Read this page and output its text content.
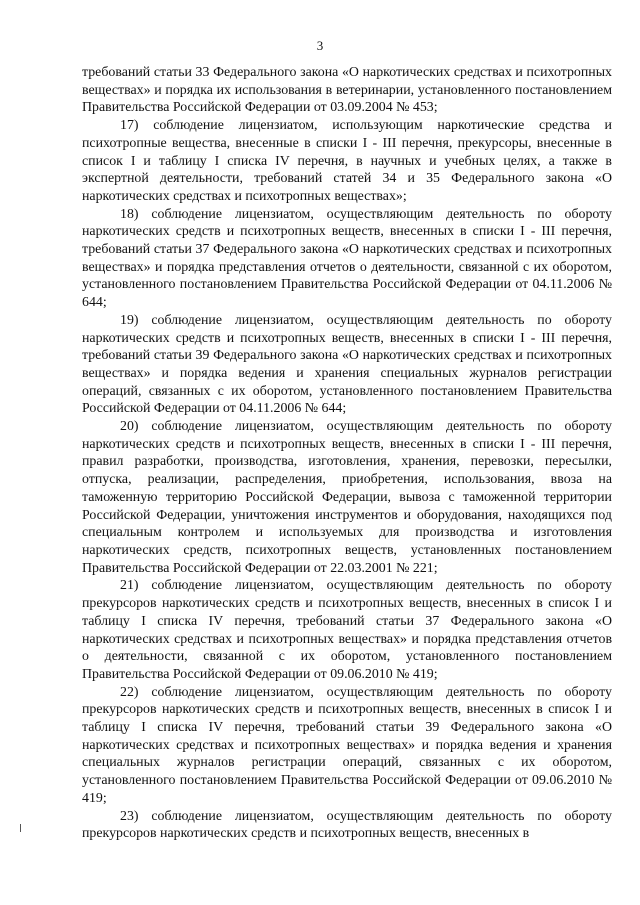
3

требований статьи 33 Федерального закона «О наркотических средствах и психотропных веществах» и порядка их использования в ветеринарии, установленного постановлением Правительства Российской Федерации от 03.09.2004 № 453;

17) соблюдение лицензиатом, использующим наркотические средства и психотропные вещества, внесенные в списки I - III перечня, прекурсоры, внесенные в список I и таблицу I списка IV перечня, в научных и учебных целях, а также в экспертной деятельности, требований статей 34 и 35 Федерального закона «О наркотических средствах и психотропных веществах»;

18) соблюдение лицензиатом, осуществляющим деятельность по обороту наркотических средств и психотропных веществ, внесенных в списки I - III перечня, требований статьи 37 Федерального закона «О наркотических средствах и психотропных веществах» и порядка представления отчетов о деятельности, связанной с их оборотом, установленного постановлением Правительства Российской Федерации от 04.11.2006 № 644;

19) соблюдение лицензиатом, осуществляющим деятельность по обороту наркотических средств и психотропных веществ, внесенных в списки I - III перечня, требований статьи 39 Федерального закона «О наркотических средствах и психотропных веществах» и порядка ведения и хранения специальных журналов регистрации операций, связанных с их оборотом, установленного постановлением Правительства Российской Федерации от 04.11.2006 № 644;

20) соблюдение лицензиатом, осуществляющим деятельность по обороту наркотических средств и психотропных веществ, внесенных в списки I - III перечня, правил разработки, производства, изготовления, хранения, перевозки, пересылки, отпуска, реализации, распределения, приобретения, использования, ввоза на таможенную территорию Российской Федерации, вывоза с таможенной территории Российской Федерации, уничтожения инструментов и оборудования, находящихся под специальным контролем и используемых для производства и изготовления наркотических средств, психотропных веществ, установленных постановлением Правительства Российской Федерации от 22.03.2001 № 221;

21) соблюдение лицензиатом, осуществляющим деятельность по обороту прекурсоров наркотических средств и психотропных веществ, внесенных в список I и таблицу I списка IV перечня, требований статьи 37 Федерального закона «О наркотических средствах и психотропных веществах» и порядка представления отчетов о деятельности, связанной с их оборотом, установленного постановлением Правительства Российской Федерации от 09.06.2010 № 419;

22) соблюдение лицензиатом, осуществляющим деятельность по обороту прекурсоров наркотических средств и психотропных веществ, внесенных в список I и таблицу I списка IV перечня, требований статьи 39 Федерального закона «О наркотических средствах и психотропных веществах» и порядка ведения и хранения специальных журналов регистрации операций, связанных с их оборотом, установленного постановлением Правительства Российской Федерации от 09.06.2010 № 419;

23) соблюдение лицензиатом, осуществляющим деятельность по обороту прекурсоров наркотических средств и психотропных веществ, внесенных в
